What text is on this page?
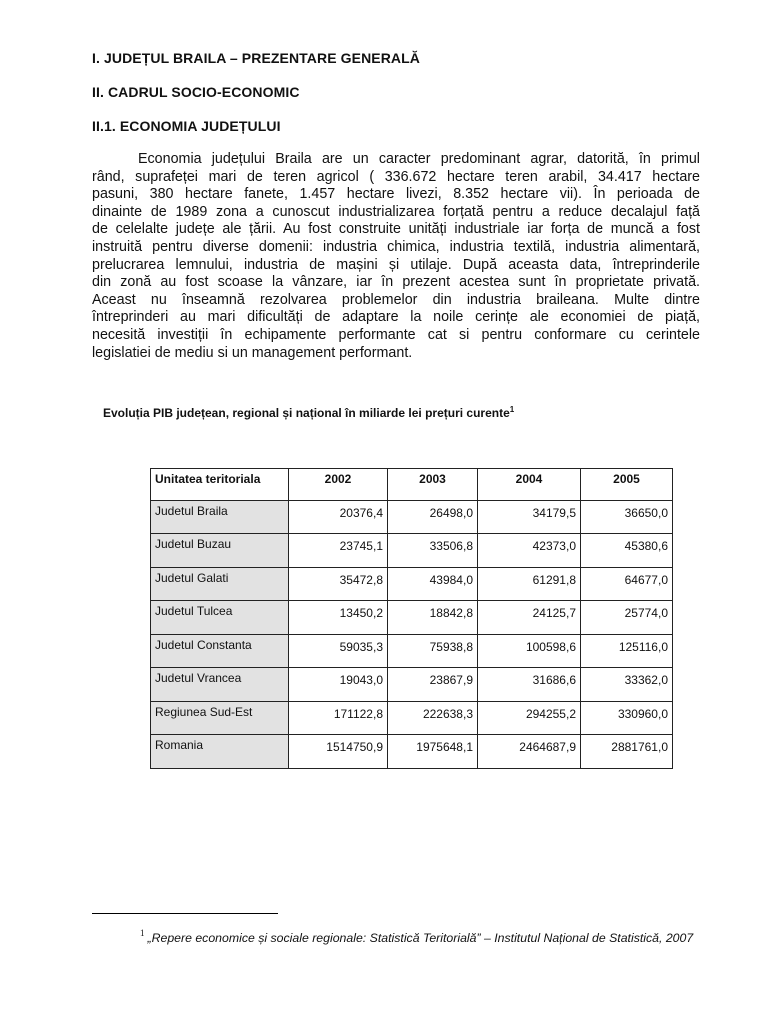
I. JUDEȚUL BRAILA – PREZENTARE GENERALĂ
II. CADRUL SOCIO-ECONOMIC
II.1. ECONOMIA JUDEȚULUI
Economia județului Braila are un caracter predominant agrar, datorită, în primul
rând, suprafeței mari de teren agricol ( 336.672 hectare teren arabil, 34.417 hectare
pasuni, 380 hectare fanete, 1.457 hectare livezi, 8.352 hectare vii). În perioada de
dinainte de 1989 zona a cunoscut industrializarea forțată pentru a reduce decalajul față
de celelalte județe ale țării. Au fost construite unități industriale iar forța de muncă a fost
instruită pentru diverse domenii: industria chimica, industria textilă, industria alimentară,
prelucrarea lemnului, industria de mașini și utilaje. După aceasta data, întreprinderile
din zonă au fost scoase la vânzare, iar în prezent acestea sunt în proprietate privată.
Aceast nu înseamnă rezolvarea problemelor din industria braileana. Multe dintre
întreprinderi au mari dificultăți de adaptare la noile cerințe ale economiei de piață,
necesită investiții în echipamente performante cat si pentru conformare cu cerintele
legislatiei de mediu si un management performant.
Evoluția PIB județean, regional și național în miliarde lei prețuri curente$^1$
Unitatea teritoriala	2002	2003	2004	2005
Judetul Braila	20376,4	26498,0	34179,5	36650,0
Judetul Buzau	23745,1	33506,8	42373,0	45380,6
Judetul Galati	35472,8	43984,0	61291,8	64677,0
Judetul Tulcea	13450,2	18842,8	24125,7	25774,0
Judetul Constanta	59035,3	75938,8	100598,6	125116,0
Judetul Vrancea	19043,0	23867,9	31686,6	33362,0
Regiunea Sud-Est	171122,8	222638,3	294255,2	330960,0
Romania	1514750,9	1975648,1	2464687,9	2881761,0
$^1$ „Repere economice și sociale regionale: Statistică Teritorială” – Institutul Național de Statistică, 2007
